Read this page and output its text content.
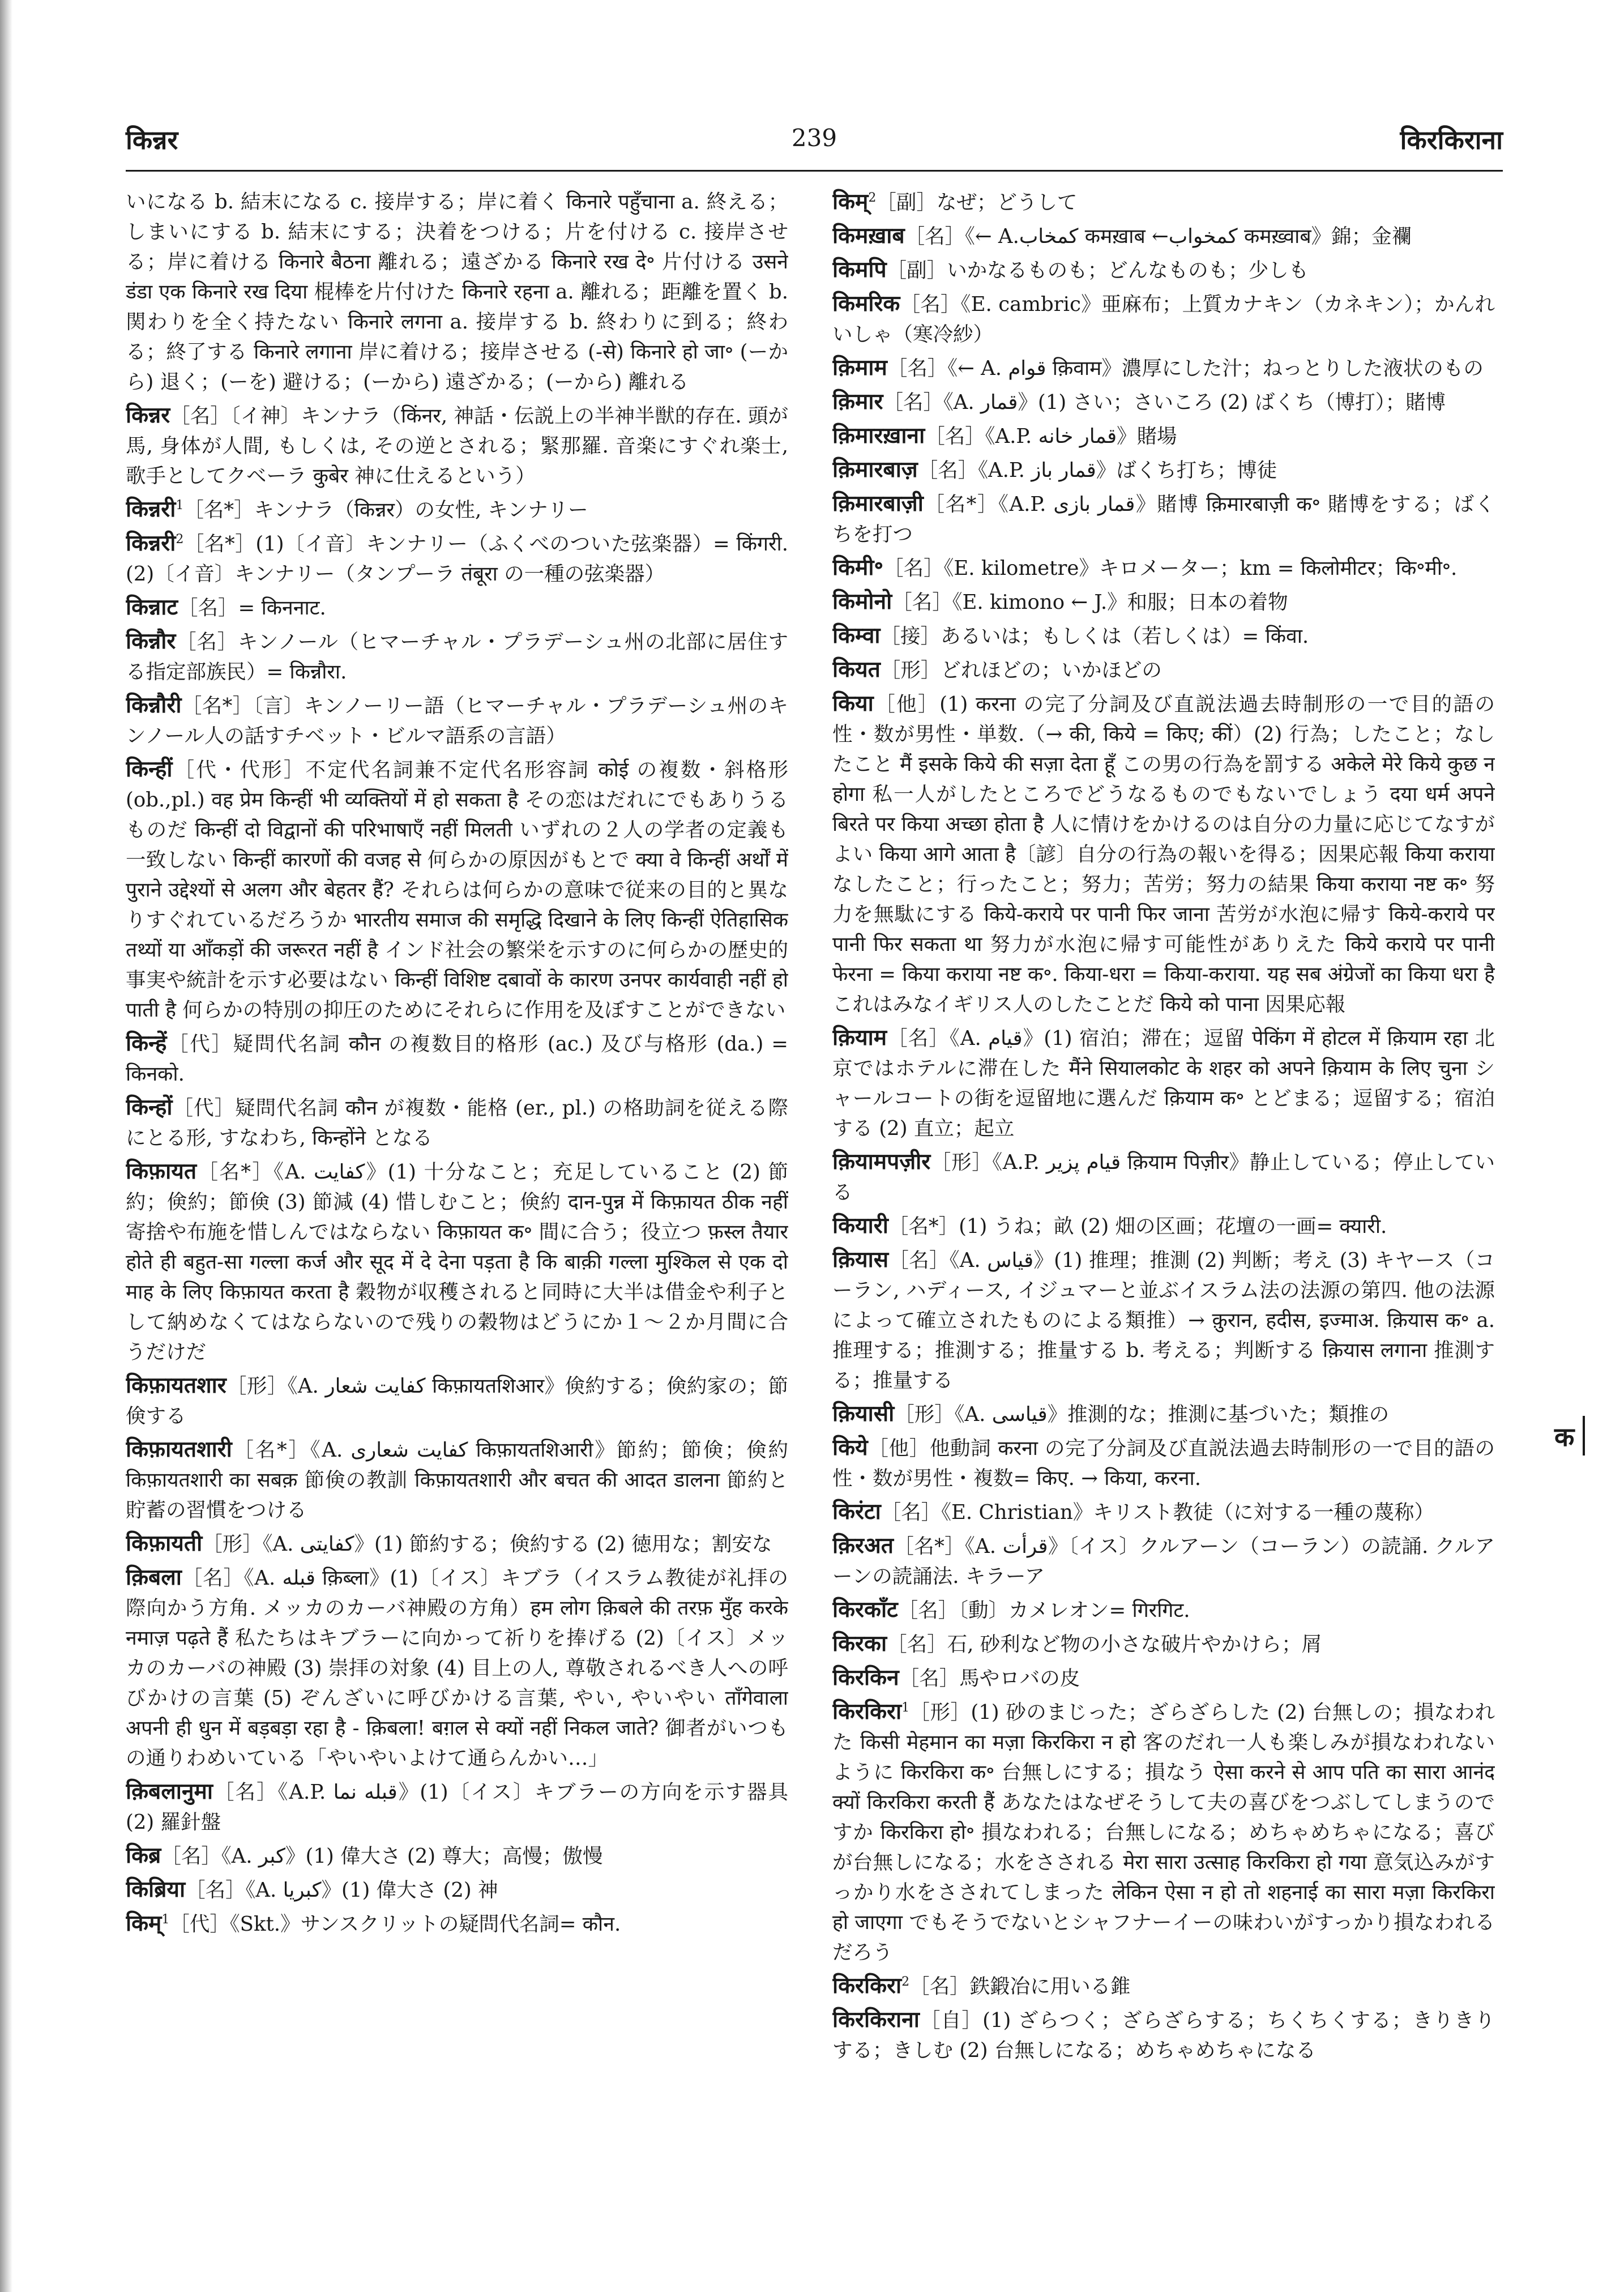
किन्नर	239	किरकिराना

いになる b. 結末になる c. 接岸する；岸に着く किनारे पहुँचाना a. 終える；しまいにする b. 結末にする；決着をつける；片を付ける c. 接岸させる；岸に着ける किनारे बैठना 離れる；遠ざかる किनारे रख दे॰ 片付ける उसने डंडा एक किनारे रख दिया 棍棒を片付けた किनारे रहना a. 離れる；距離を置く b. 関わりを全く持たない किनारे लगना a. 接岸する b. 終わりに到る；終わる；終了する किनारे लगाना 岸に着ける；接岸させる (-से) किनारे हो जा॰ (ーから) 退く；(ーを) 避ける；(ーから) 遠ざかる；(ーから) 離れる

किन्नर［名］〔イ神〕キンナラ（किंनर, 神話・伝説上の半神半獣的存在. 頭が馬, 身体が人間, もしくは, その逆とされる；緊那羅. 音楽にすぐれ楽士, 歌手としてクベーラ कुबेर 神に仕えるという）

किन्नरी$^1$［名*］キンナラ（किन्नर）の女性, キンナリー

किन्नरी$^2$［名*］(1)〔イ音〕キンナリー（ふくべのついた弦楽器）= किंगरी. (2)〔イ音〕キンナリー（タンプーラ तंबूरा の一種の弦楽器）

किन्नाट［名］= किननाट.

किन्नौर［名］キンノール（ヒマーチャル・プラデーシュ州の北部に居住する指定部族民）= किन्नौरा.

किन्नौरी［名*］〔言〕キンノーリー語（ヒマーチャル・プラデーシュ州のキンノール人の話すチベット・ビルマ語系の言語）

किन्हीं［代・代形］不定代名詞兼不定代名形容詞 कोई の複数・斜格形 (ob.,pl.) वह प्रेम किन्हीं भी व्यक्तियों में हो सकता है その恋はだれにでもありうるものだ किन्हीं दो विद्वानों की परिभाषाएँ नहीं मिलती いずれの２人の学者の定義も一致しない किन्हीं कारणों की वजह से 何らかの原因がもとで क्या वे किन्हीं अर्थों में पुराने उद्देश्यों से अलग और बेहतर हैं? それらは何らかの意味で従来の目的と異なりすぐれているだろうか भारतीय समाज की समृद्धि दिखाने के लिए किन्हीं ऐतिहासिक तथ्यों या आँकड़ों की जरूरत नहीं है インド社会の繁栄を示すのに何らかの歴史的事実や統計を示す必要はない किन्हीं विशिष्ट दबावों के कारण उनपर कार्यवाही नहीं हो पाती है 何らかの特別の抑圧のためにそれらに作用を及ぼすことができない

किन्हें［代］疑問代名詞 कौन の複数目的格形 (ac.) 及び与格形 (da.) = किनको.

किन्हों［代］疑問代名詞 कौन が複数・能格 (er., pl.) の格助詞を従える際にとる形, すなわち, किन्होंने となる

किफ़ायत［名*］《A. كفايت》(1) 十分なこと；充足していること (2) 節約；倹約；節倹 (3) 節減 (4) 惜しむこと；倹約 दान-पुन्न में किफ़ायत ठीक नहीं 寄捨や布施を惜しんではならない किफ़ायत क॰ 間に合う；役立つ फ़स्ल तैयार होते ही बहुत-सा गल्ला कर्ज और सूद में दे देना पड़ता है कि बाक़ी गल्ला मुश्किल से एक दो माह के लिए किफ़ायत करता है 穀物が収穫されると同時に大半は借金や利子として納めなくてはならないので残りの穀物はどうにか１〜２か月間に合うだけだ

किफ़ायतशार［形］《A. كفايت شعار किफ़ायतशिआर》倹約する；倹約家の；節倹する

किफ़ायतशारी［名*］《A. كفايت شعارى किफ़ायतशिआरी》節約；節倹；倹約 किफ़ायतशारी का सबक़ 節倹の教訓 किफ़ायतशारी और बचत की आदत डालना 節約と貯蓄の習慣をつける

किफ़ायती［形］《A. كفايتى》(1) 節約する；倹約する (2) 徳用な；割安な

क़िबला［名］《A. قبله क़िब्ला》(1)〔イス〕キブラ（イスラム教徒が礼拝の際向かう方角. メッカのカーバ神殿の方角）हम लोग क़िबले की तरफ़ मुँह करके नमाज़ पढ़ते हैं 私たちはキブラーに向かって祈りを捧げる (2)〔イス〕メッカのカーバの神殿 (3) 崇拝の対象 (4) 目上の人, 尊敬されるべき人への呼びかけの言葉 (5) ぞんざいに呼びかける言葉, やい, やいやい ताँगेवाला अपनी ही धुन में बड़बड़ा रहा है - क़िबला! बग़ल से क्यों नहीं निकल जाते? 御者がいつもの通りわめいている「やいやいよけて通らんかい…」

क़िबलानुमा［名］《A.P. قبله نما》(1)〔イス〕キブラーの方向を示す器具 (2) 羅針盤

किब्र［名］《A. كبر》(1) 偉大さ (2) 尊大；高慢；傲慢

किब्रिया［名］《A. كبريا》(1) 偉大さ (2) 神

किम्$^1$［代］《Skt.》サンスクリットの疑問代名詞= कौन.

किम्$^2$［副］なぜ；どうして

किमख़ाब［名］《← A.كمخاب कमख़ाब ←كمخواب कमख़्वाब》錦；金襴

किमपि［副］いかなるものも；どんなものも；少しも

किमरिक［名］《E. cambric》亜麻布；上質カナキン（カネキン）；かんれいしゃ（寒冷紗）

क़िमाम［名］《← A. قوام क़िवाम》濃厚にした汁；ねっとりした液状のもの

क़िमार［名］《A. قمار》(1) さい；さいころ (2) ばくち（博打）；賭博

क़िमारख़ाना［名］《A.P. قمار خانه》賭場

क़िमारबाज़［名］《A.P. قمار باز》ばくち打ち；博徒

क़िमारबाज़ी［名*］《A.P. قمار بازى》賭博 क़िमारबाज़ी क॰ 賭博をする；ばくちを打つ

किमी॰［名］《E. kilometre》キロメーター；km = किलोमीटर；कि॰मी॰.

किमोनो［名］《E. kimono ← J.》和服；日本の着物

किम्वा［接］あるいは；もしくは（若しくは）= किंवा.

कियत［形］どれほどの；いかほどの

किया［他］(1) करना の完了分詞及び直説法過去時制形の一で目的語の性・数が男性・単数.（→ की, किये = किए; कीं）(2) 行為；したこと；なしたこと मैं इसके किये की सज़ा देता हूँ この男の行為を罰する अकेले मेरे किये कुछ न होगा 私一人がしたところでどうなるものでもないでしょう दया धर्म अपने बिरते पर किया अच्छा होता है 人に情けをかけるのは自分の力量に応じてなすがよい किया आगे आता है〔諺〕自分の行為の報いを得る；因果応報 किया कराया なしたこと；行ったこと；努力；苦労；努力の結果 किया कराया नष्ट क॰ 努力を無駄にする किये-कराये पर पानी फिर जाना 苦労が水泡に帰す किये-कराये पर पानी फिर सकता था 努力が水泡に帰す可能性がありえた किये कराये पर पानी फेरना = किया कराया नष्ट क॰. किया-धरा = किया-कराया. यह सब अंग्रेजों का किया धरा है これはみなイギリス人のしたことだ किये को पाना 因果応報

क़ियाम［名］《A. قيام》(1) 宿泊；滞在；逗留 पेकिंग में होटल में क़ियाम रहा 北京ではホテルに滞在した मैंने सियालकोट के शहर को अपने क़ियाम के लिए चुना シャールコートの街を逗留地に選んだ क़ियाम क॰ とどまる；逗留する；宿泊する (2) 直立；起立

क़ियामपज़ीर［形］《A.P. قيام پزير क़ियाम पिज़ीर》静止している；停止している

कियारी［名*］(1) うね；畝 (2) 畑の区画；花壇の一画= क्यारी.

क़ियास［名］《A. قياس》(1) 推理；推測 (2) 判断；考え (3) キヤース（コーラン, ハディース, イジュマーと並ぶイスラム法の法源の第四. 他の法源によって確立されたものによる類推）→ क़ुरान, हदीस, इज्माअ. क़ियास क॰ a. 推理する；推測する；推量する b. 考える；判断する क़ियास लगाना 推測する；推量する

क़ियासी［形］《A. قياسى》推測的な；推測に基づいた；類推の

किये［他］他動詞 करना の完了分詞及び直説法過去時制形の一で目的語の性・数が男性・複数= किए. → किया, करना.

किरंटा［名］《E. Christian》キリスト教徒（に対する一種の蔑称）

क़िरअत［名*］《A. قرأت》〔イス〕クルアーン（コーラン）の読誦. クルアーンの読誦法. キラーア

किरकाँट［名］〔動〕カメレオン= गिरगिट.

किरका［名］石, 砂利など物の小さな破片やかけら；屑

किरकिन［名］馬やロバの皮

किरकिरा$^1$［形］(1) 砂のまじった；ざらざらした (2) 台無しの；損なわれた किसी मेहमान का मज़ा किरकिरा न हो 客のだれ一人も楽しみが損なわれないように किरकिरा क॰ 台無しにする；損なう ऐसा करने से आप पति का सारा आनंद क्यों किरकिरा करती हैं あなたはなぜそうして夫の喜びをつぶしてしまうのですか किरकिरा हो॰ 損なわれる；台無しになる；めちゃめちゃになる；喜びが台無しになる；水をさされる मेरा सारा उत्साह किरकिरा हो गया 意気込みがすっかり水をさされてしまった लेकिन ऐसा न हो तो शहनाई का सारा मज़ा किरकिरा हो जाएगा でもそうでないとシャフナーイーの味わいがすっかり損なわれるだろう

किरकिरा$^2$［名］鉄鍛冶に用いる錐

किरकिराना［自］(1) ざらつく；ざらざらする；ちくちくする；きりきりする；きしむ (2) 台無しになる；めちゃめちゃになる

क
